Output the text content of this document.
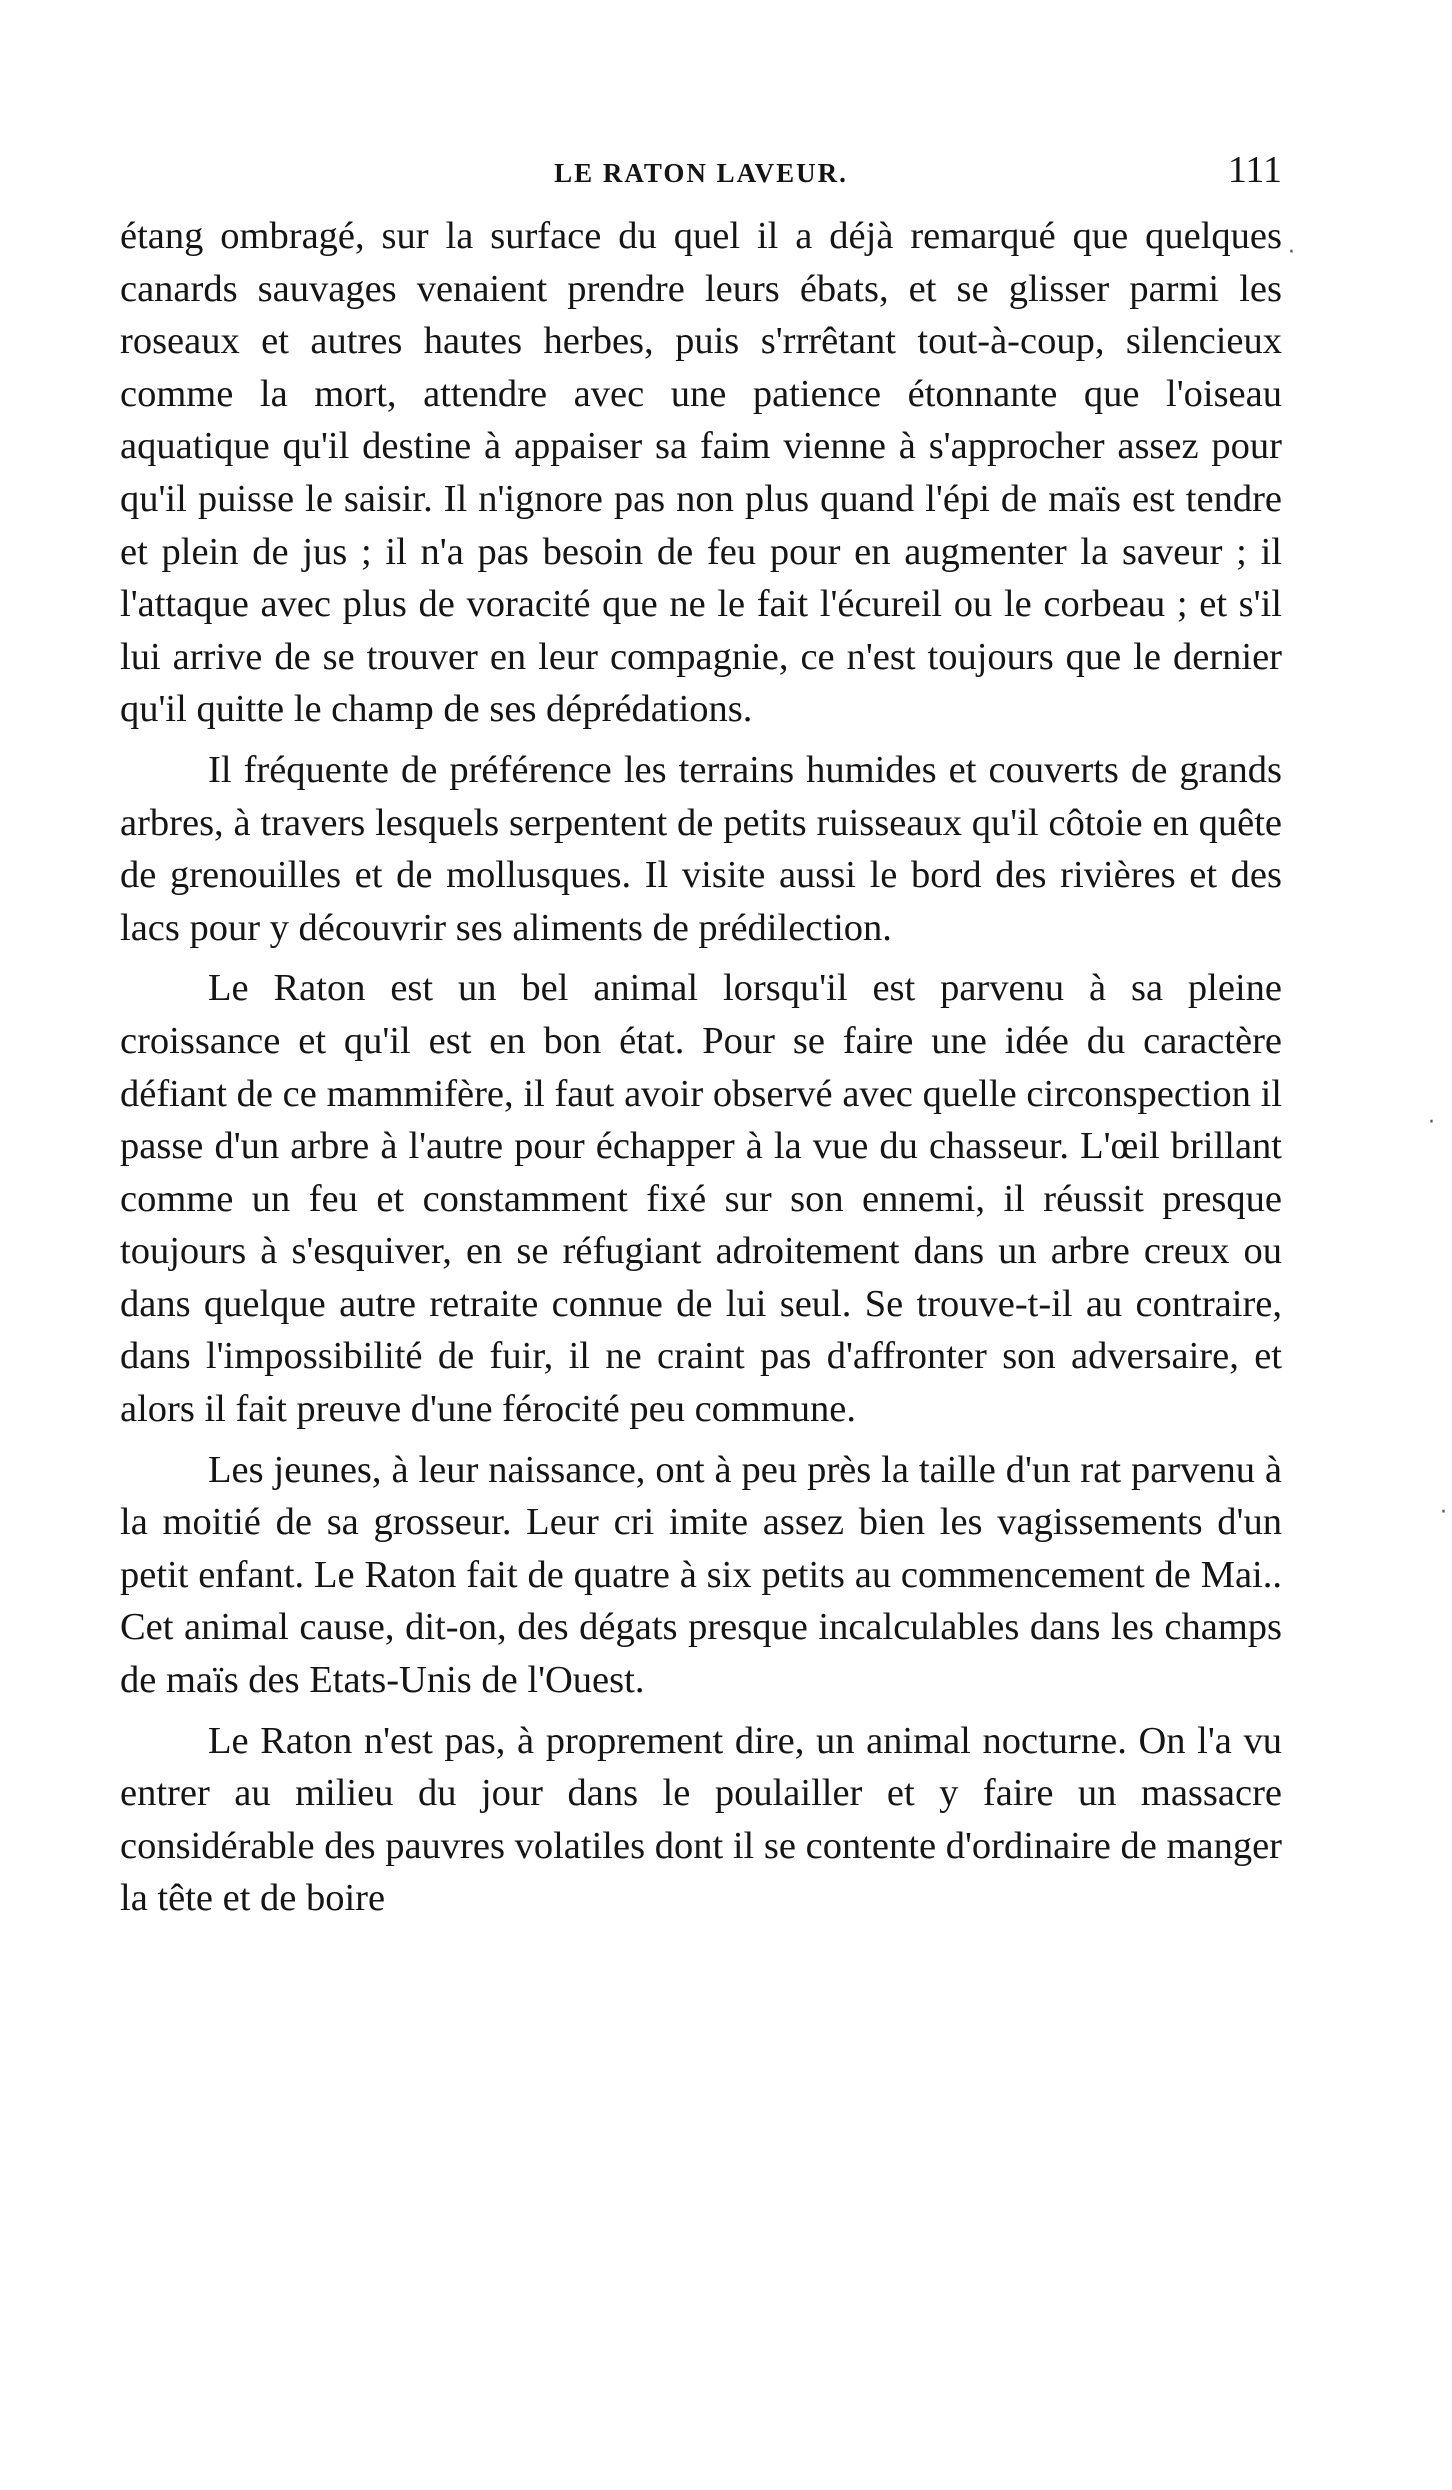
LE RATON LAVEUR.	111

étang ombragé, sur la surface du quel il a déjà remarqué que quelques canards sauvages venaient prendre leurs ébats, et se glisser parmi les roseaux et autres hautes herbes, puis s'rrrêtant tout-à-coup, silencieux comme la mort, attendre avec une patience étonnante que l'oiseau aquatique qu'il destine à appaiser sa faim vienne à s'approcher assez pour qu'il puisse le saisir. Il n'ignore pas non plus quand l'épi de maïs est tendre et plein de jus ; il n'a pas besoin de feu pour en augmenter la saveur ; il l'attaque avec plus de voracité que ne le fait l'écureil ou le corbeau ; et s'il lui arrive de se trouver en leur compagnie, ce n'est toujours que le dernier qu'il quitte le champ de ses déprédations.

Il fréquente de préférence les terrains humides et couverts de grands arbres, à travers lesquels serpentent de petits ruisseaux qu'il côtoie en quête de grenouilles et de mollusques. Il visite aussi le bord des rivières et des lacs pour y découvrir ses aliments de prédilection.

Le Raton est un bel animal lorsqu'il est parvenu à sa pleine croissance et qu'il est en bon état. Pour se faire une idée du caractère défiant de ce mammifère, il faut avoir observé avec quelle circonspection il passe d'un arbre à l'autre pour échapper à la vue du chasseur. L'œil brillant comme un feu et constamment fixé sur son ennemi, il réussit presque toujours à s'esquiver, en se réfugiant adroitement dans un arbre creux ou dans quelque autre retraite connue de lui seul. Se trouve-t-il au contraire, dans l'impossibilité de fuir, il ne craint pas d'affronter son adversaire, et alors il fait preuve d'une férocité peu commune.

Les jeunes, à leur naissance, ont à peu près la taille d'un rat parvenu à la moitié de sa grosseur. Leur cri imite assez bien les vagissements d'un petit enfant. Le Raton fait de quatre à six petits au commencement de Mai.. Cet animal cause, dit-on, des dégats presque incalculables dans les champs de maïs des Etats-Unis de l'Ouest.

Le Raton n'est pas, à proprement dire, un animal nocturne. On l'a vu entrer au milieu du jour dans le poulailler et y faire un massacre considérable des pauvres volatiles dont il se contente d'ordinaire de manger la tête et de boire

·
·
·
